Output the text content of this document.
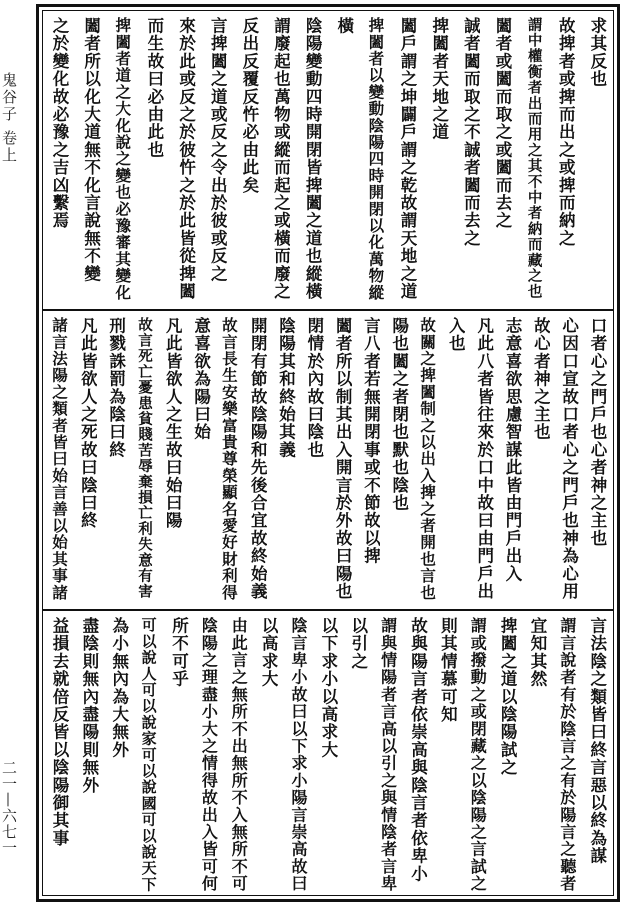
鬼谷子 卷上
二一—六七一
求其反也
故捭者或捭而出之或捭而納之
謂中權衡者出而用之其不中者納而藏之也
闔者或闔而取之或闔而去之
誠者闔而取之不誠者闔而去之
捭闔者天地之道
闔戶謂之坤闢戶謂之乾故謂天地之道
捭闔者以變動陰陽四時開閉以化萬物縱
橫
陰陽變動四時開閉皆捭闔之道也縱橫
謂廢起也萬物或縱而起之或橫而廢之
反出反覆反忤必由此矣
言捭闔之道或反之令出於彼或反之
來於此或反之於彼忤之於此皆從捭闔
而生故曰必由此也
捭闔者道之大化說之變也必豫審其變化
闔者所以化大道無不化言說無不變
之於變化故必豫之吉凶繫焉
口者心之門戶也心者神之主也
心因口宣故口者心之門戶也神為心用
故心者神之主也
志意喜欲思慮智謀此皆由門戶出入
凡此八者皆往來於口中故曰由門戶出
入也
故關之捭闔制之以出入捭之者開也言也
陽也闔之者閉也默也陰也
言八者若無開閉事或不節故以捭
闔者所以制其出入開言於外故曰陽也
閉情於內故曰陰也
陰陽其和終始其義
開閉有節故陰陽和先後合宜故終始義
故言長生安樂富貴尊榮顯名愛好財利得
意喜欲為陽曰始
凡此皆欲人之生故曰始曰陽
故言死亡憂患貧賤苦辱棄損亡利失意有害
刑戮誅罰為陰曰終
凡此皆欲人之死故曰陰曰終
諸言法陽之類者皆曰始言善以始其事諸
言法陰之類皆曰終言惡以終為謀
謂言說者有於陰言之有於陽言之聽者
宜知其然
捭闔之道以陰陽試之
謂或撥動之或閉藏之以陰陽之言試之
則其情慕可知
故與陽言者依崇高與陰言者依卑小
謂與情陽者言高以引之與情陰者言卑
以引之
以下求小以高求大
陰言卑小故曰以下求小陽言崇高故曰
以高求大
由此言之無所不出無所不入無所不可
陰陽之理盡小大之情得故出入皆可何
所不可乎
可以說人可以說家可以說國可以說天下
為小無內為大無外
盡陰則無內盡陽則無外
益損去就倍反皆以陰陽御其事
